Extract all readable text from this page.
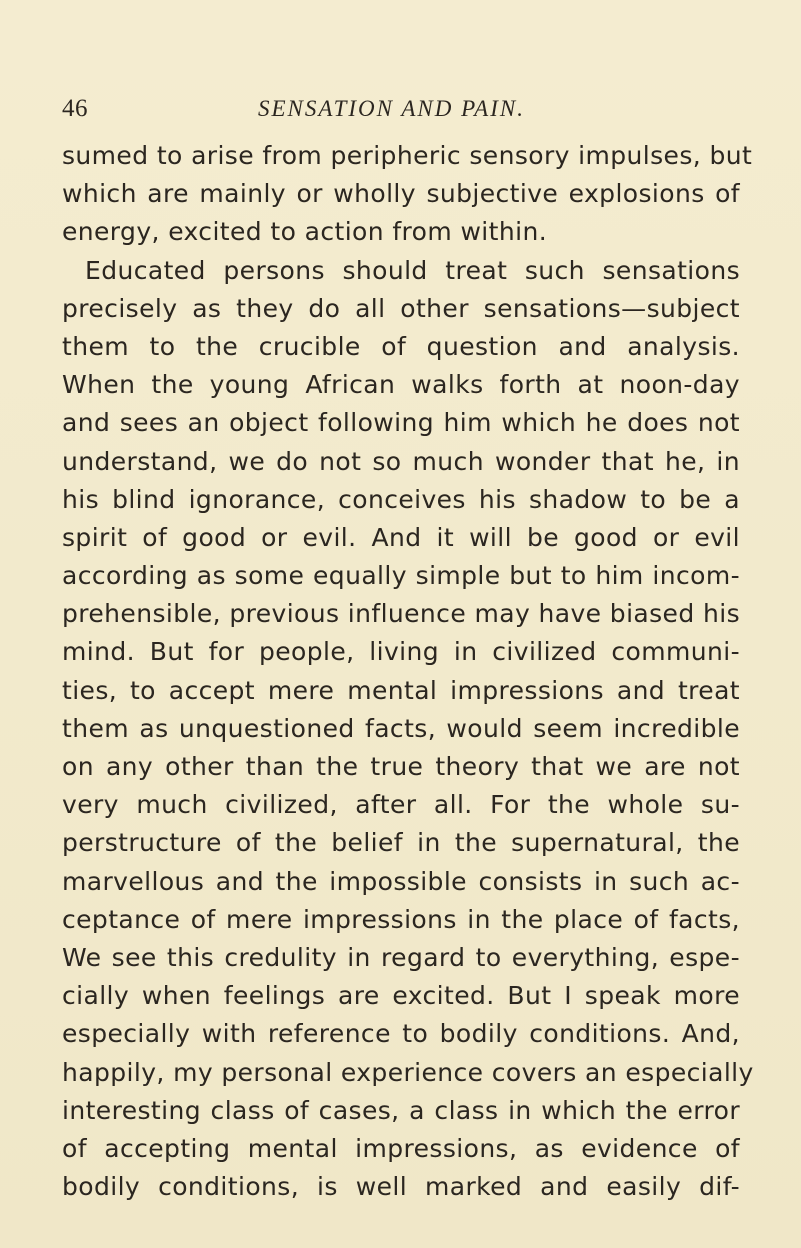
46	SENSATION AND PAIN.
sumed to arise from peripheric sensory impulses, but
which are mainly or wholly subjective explosions of
energy, excited to action from within.
Educated persons should treat such sensations
precisely as they do all other sensations—subject
them to the crucible of question and analysis.
When the young African walks forth at noon-day
and sees an object following him which he does not
understand, we do not so much wonder that he, in
his blind ignorance, conceives his shadow to be a
spirit of good or evil. And it will be good or evil
according as some equally simple but to him incom-
prehensible, previous influence may have biased his
mind. But for people, living in civilized communi-
ties, to accept mere mental impressions and treat
them as unquestioned facts, would seem incredible
on any other than the true theory that we are not
very much civilized, after all. For the whole su-
perstructure of the belief in the supernatural, the
marvellous and the impossible consists in such ac-
ceptance of mere impressions in the place of facts,
We see this credulity in regard to everything, espe-
cially when feelings are excited. But I speak more
especially with reference to bodily conditions. And,
happily, my personal experience covers an especially
interesting class of cases, a class in which the error
of accepting mental impressions, as evidence of
bodily conditions, is well marked and easily dif-
